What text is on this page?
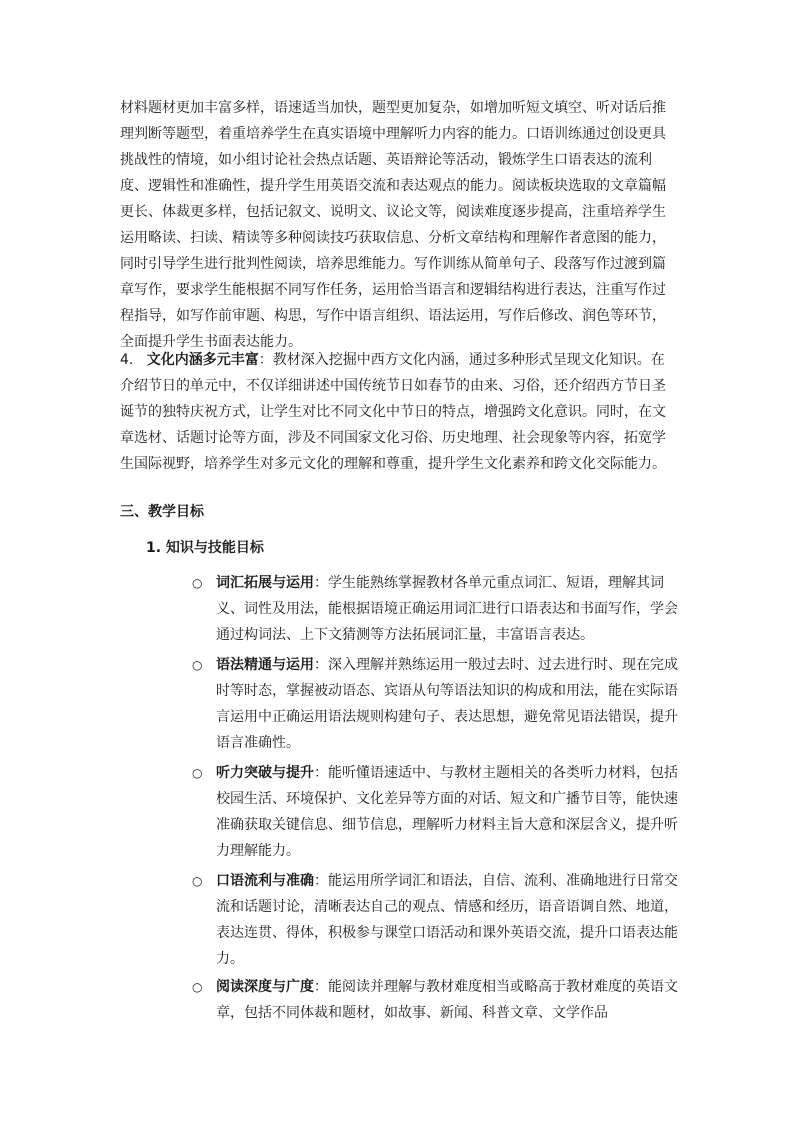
材料题材更加丰富多样，语速适当加快，题型更加复杂，如增加听短文填空、听对话后推理判断等题型，着重培养学生在真实语境中理解听力内容的能力。口语训练通过创设更具挑战性的情境，如小组讨论社会热点话题、英语辩论等活动，锻炼学生口语表达的流利度、逻辑性和准确性，提升学生用英语交流和表达观点的能力。阅读板块选取的文章篇幅更长、体裁更多样，包括记叙文、说明文、议论文等，阅读难度逐步提高，注重培养学生运用略读、扫读、精读等多种阅读技巧获取信息、分析文章结构和理解作者意图的能力，同时引导学生进行批判性阅读，培养思维能力。写作训练从简单句子、段落写作过渡到篇章写作，要求学生能根据不同写作任务，运用恰当语言和逻辑结构进行表达，注重写作过程指导，如写作前审题、构思，写作中语言组织、语法运用，写作后修改、润色等环节，全面提升学生书面表达能力。

4. 文化内涵多元丰富：教材深入挖掘中西方文化内涵，通过多种形式呈现文化知识。在介绍节日的单元中，不仅详细讲述中国传统节日如春节的由来、习俗，还介绍西方节日圣诞节的独特庆祝方式，让学生对比不同文化中节日的特点，增强跨文化意识。同时，在文章选材、话题讨论等方面，涉及不同国家文化习俗、历史地理、社会现象等内容，拓宽学生国际视野，培养学生对多元文化的理解和尊重，提升学生文化素养和跨文化交际能力。

三、教学目标

1. 知识与技能目标

○ 词汇拓展与运用：学生能熟练掌握教材各单元重点词汇、短语，理解其词义、词性及用法，能根据语境正确运用词汇进行口语表达和书面写作，学会通过构词法、上下文猜测等方法拓展词汇量，丰富语言表达。

○ 语法精通与运用：深入理解并熟练运用一般过去时、过去进行时、现在完成时等时态，掌握被动语态、宾语从句等语法知识的构成和用法，能在实际语言运用中正确运用语法规则构建句子、表达思想，避免常见语法错误，提升语言准确性。

○ 听力突破与提升：能听懂语速适中、与教材主题相关的各类听力材料，包括校园生活、环境保护、文化差异等方面的对话、短文和广播节目等，能快速准确获取关键信息、细节信息，理解听力材料主旨大意和深层含义，提升听力理解能力。

○ 口语流利与准确：能运用所学词汇和语法，自信、流利、准确地进行日常交流和话题讨论，清晰表达自己的观点、情感和经历，语音语调自然、地道，表达连贯、得体，积极参与课堂口语活动和课外英语交流，提升口语表达能力。

○ 阅读深度与广度：能阅读并理解与教材难度相当或略高于教材难度的英语文章，包括不同体裁和题材，如故事、新闻、科普文章、文学作品
